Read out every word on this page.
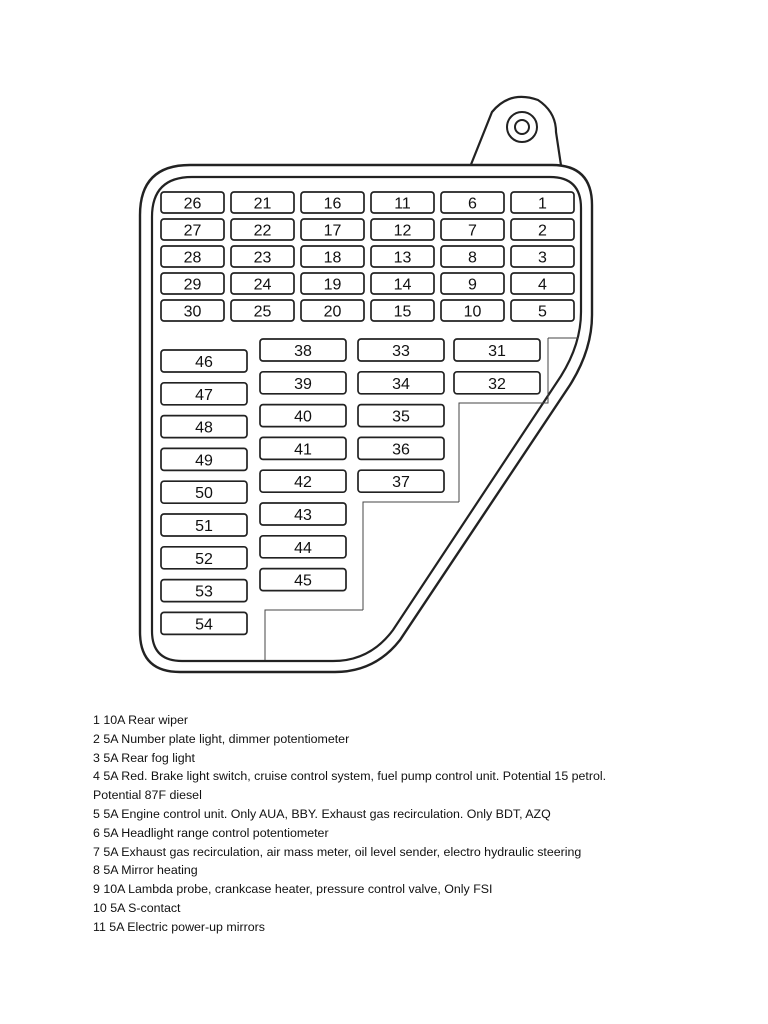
26	21	16	11	6	1
27	22	17	12	7	2
28	23	18	13	8	3
29	24	19	14	9	4
30	25	20	15	10	5
46
47
48
49
50
51
52
53
54
38
39
40
41
42
43
44
45
33
34
35
36
37
31
32
1 10A Rear wiper
2 5A Number plate light, dimmer potentiometer
3 5A Rear fog light
4 5A Red. Brake light switch, cruise control system, fuel pump control unit. Potential 15 petrol.
Potential 87F diesel
5 5A Engine control unit. Only AUA, BBY. Exhaust gas recirculation. Only BDT, AZQ
6 5A Headlight range control potentiometer
7 5A Exhaust gas recirculation, air mass meter, oil level sender, electro hydraulic steering
8 5A Mirror heating
9 10A Lambda probe, crankcase heater, pressure control valve, Only FSI
10 5A S-contact
11 5A Electric power-up mirrors
